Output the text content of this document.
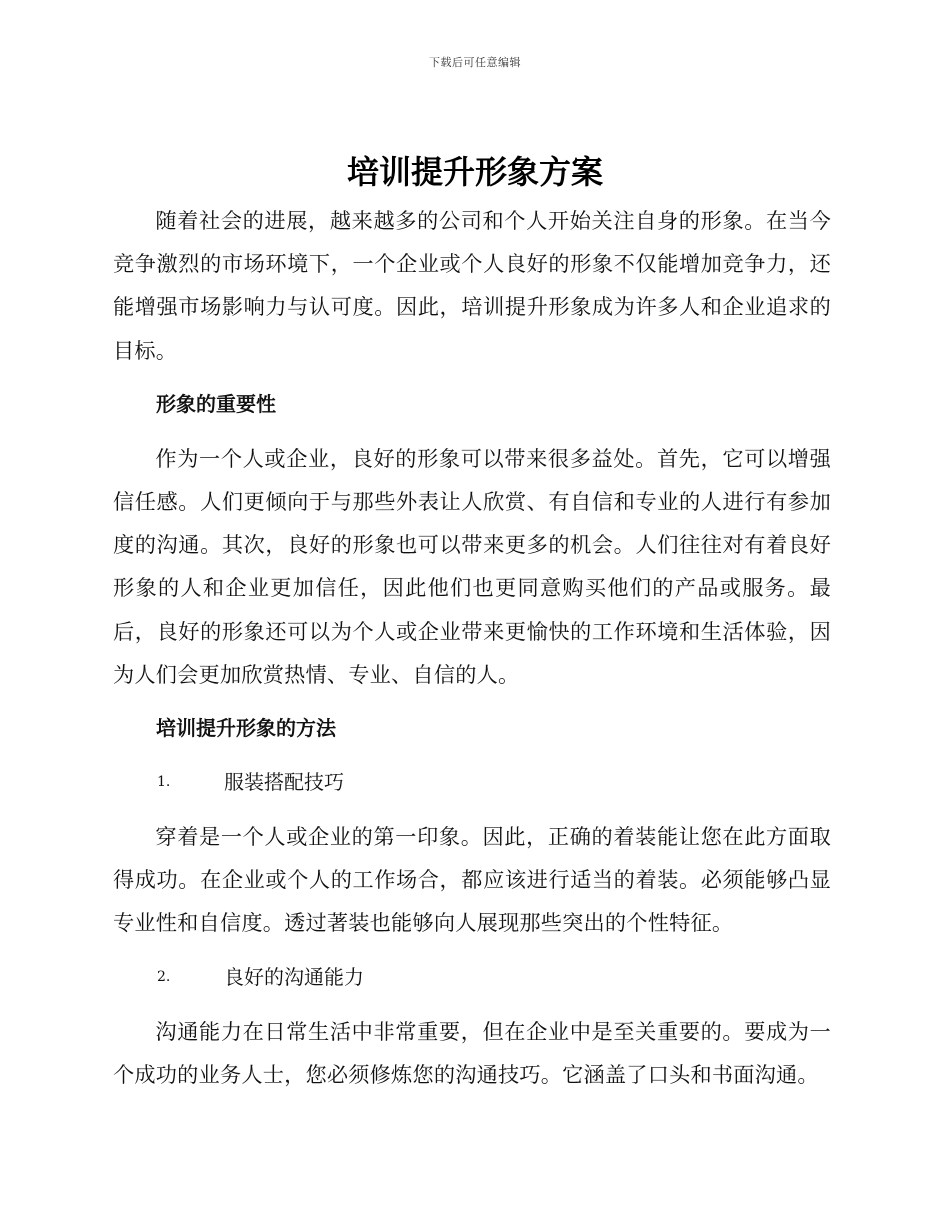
下载后可任意编辑
培训提升形象方案

随着社会的进展，越来越多的公司和个人开始关注自身的形象。在当今竞争激烈的市场环境下，一个企业或个人良好的形象不仅能增加竞争力，还能增强市场影响力与认可度。因此，培训提升形象成为许多人和企业追求的目标。

形象的重要性

作为一个人或企业，良好的形象可以带来很多益处。首先，它可以增强信任感。人们更倾向于与那些外表让人欣赏、有自信和专业的人进行有参加度的沟通。其次，良好的形象也可以带来更多的机会。人们往往对有着良好形象的人和企业更加信任，因此他们也更同意购买他们的产品或服务。最后，良好的形象还可以为个人或企业带来更愉快的工作环境和生活体验，因为人们会更加欣赏热情、专业、自信的人。

培训提升形象的方法
1.	服装搭配技巧

穿着是一个人或企业的第一印象。因此，正确的着装能让您在此方面取得成功。在企业或个人的工作场合，都应该进行适当的着装。必须能够凸显专业性和自信度。透过著装也能够向人展现那些突出的个性特征。

2.	良好的沟通能力

沟通能力在日常生活中非常重要，但在企业中是至关重要的。要成为一个成功的业务人士，您必须修炼您的沟通技巧。它涵盖了口头和书面沟通。
